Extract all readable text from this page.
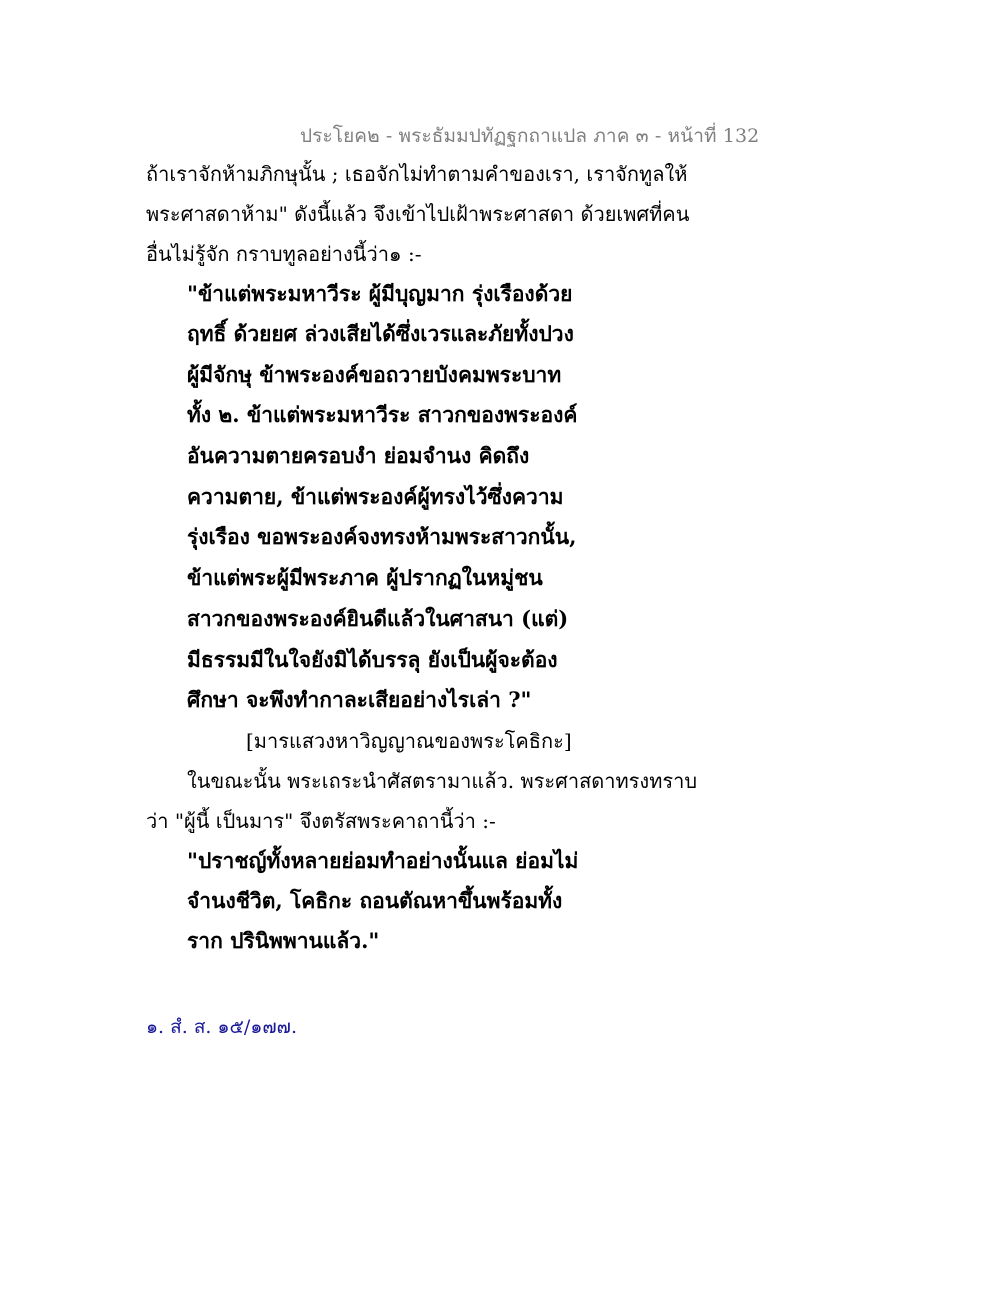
ประโยค๒ - พระธัมมปทัฏฐกถาแปล ภาค ๓ - หน้าที่ 132
ถ้าเราจักห้ามภิกษุนั้น ; เธอจักไม่ทำตามคำของเรา, เราจักทูลให้
พระศาสดาห้าม" ดังนี้แล้ว จึงเข้าไปเฝ้าพระศาสดา ด้วยเพศที่คน
อื่นไม่รู้จัก กราบทูลอย่างนี้ว่า๑ :-
"ข้าแต่พระมหาวีระ ผู้มีบุญมาก รุ่งเรืองด้วย
ฤทธิ์ ด้วยยศ ล่วงเสียได้ซึ่งเวรและภัยทั้งปวง
ผู้มีจักษุ ข้าพระองค์ขอถวายบังคมพระบาท
ทั้ง ๒. ข้าแต่พระมหาวีระ สาวกของพระองค์
อันความตายครอบงำ ย่อมจำนง คิดถึง
ความตาย, ข้าแต่พระองค์ผู้ทรงไว้ซึ่งความ
รุ่งเรือง ขอพระองค์จงทรงห้ามพระสาวกนั้น,
ข้าแต่พระผู้มีพระภาค ผู้ปรากฏในหมู่ชน
สาวกของพระองค์ยินดีแล้วในศาสนา (แต่)
มีธรรมมีในใจยังมิได้บรรลุ ยังเป็นผู้จะต้อง
ศึกษา จะพึงทำกาละเสียอย่างไรเล่า ?"
[มารแสวงหาวิญญาณของพระโคธิกะ]
ในขณะนั้น พระเถระนำศัสตรามาแล้ว. พระศาสดาทรงทราบ
ว่า "ผู้นี้ เป็นมาร" จึงตรัสพระคาถานี้ว่า :-
"ปราชญ์ทั้งหลายย่อมทำอย่างนั้นแล ย่อมไม่
จำนงชีวิต, โคธิกะ ถอนตัณหาขึ้นพร้อมทั้ง
ราก ปรินิพพานแล้ว."
๑. สํ. ส. ๑๕/๑๗๗.
